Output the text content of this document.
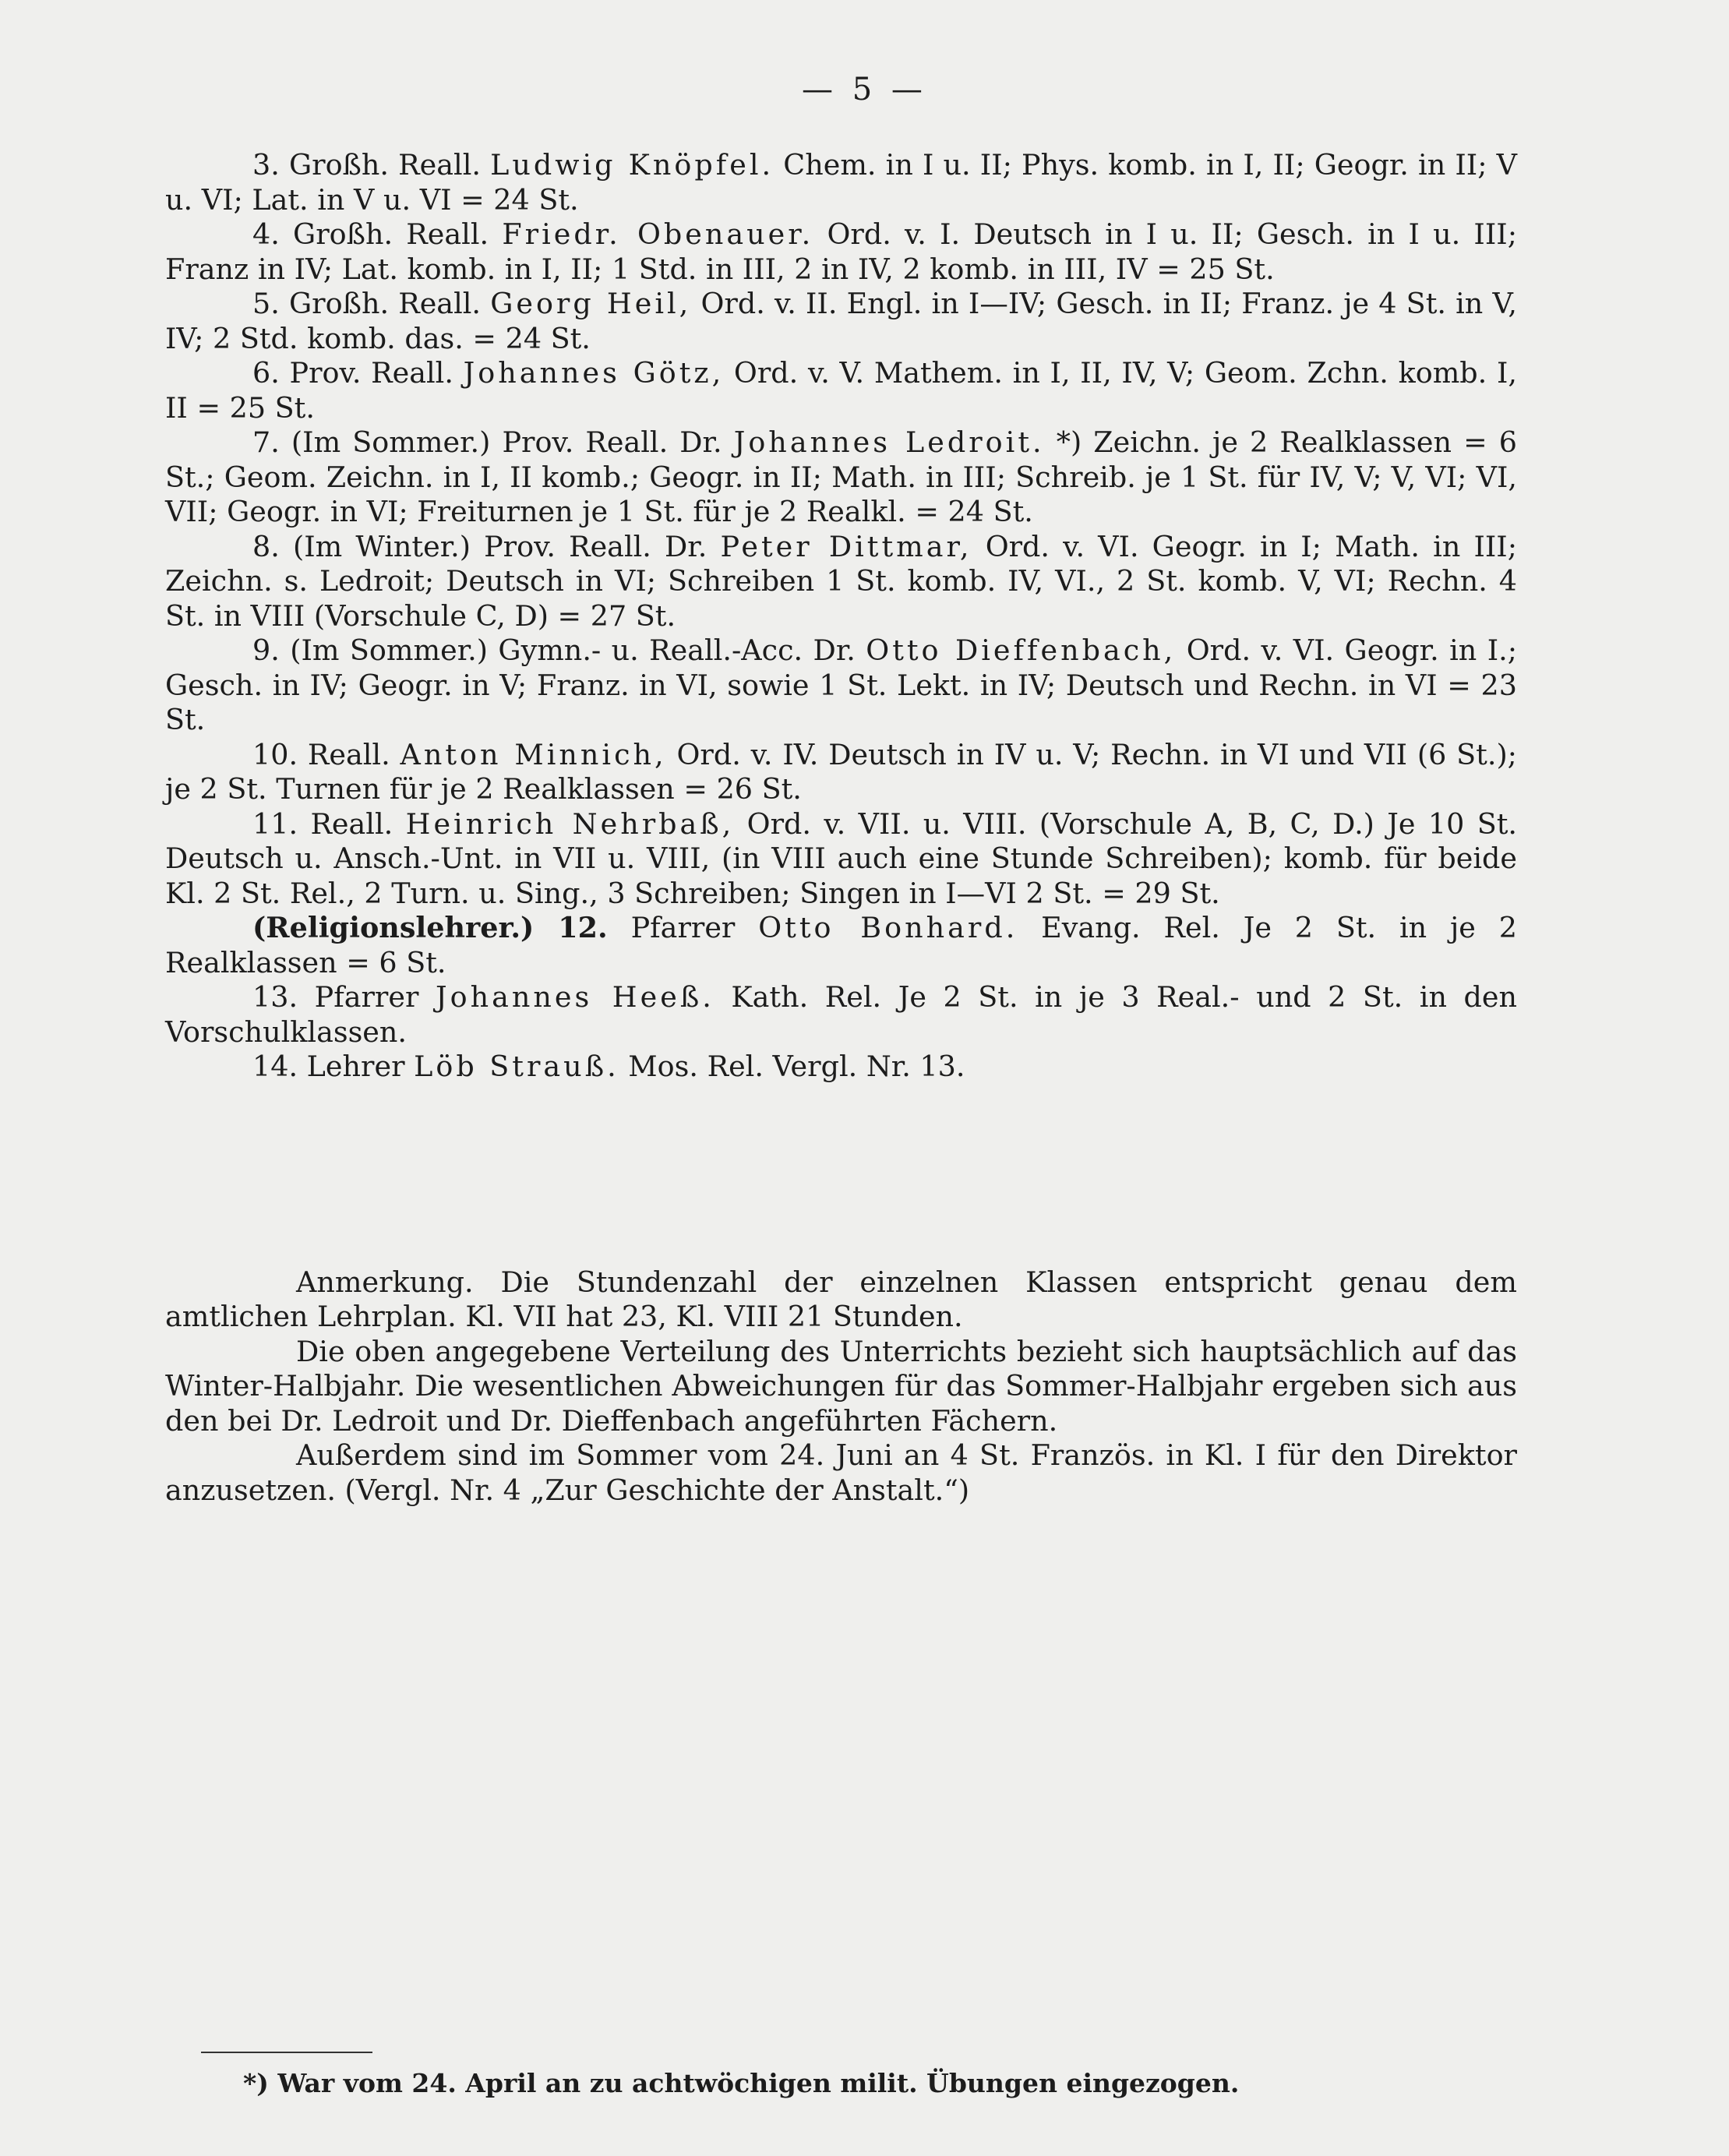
— 5 —

3. Großh. Reall. Ludwig Knöpfel. Chem. in I u. II; Phys. komb. in I, II; Geogr. in II; V u. VI; Lat. in V u. VI = 24 St.

4. Großh. Reall. Friedr. Obenauer. Ord. v. I. Deutsch in I u. II; Gesch. in I u. III; Franz in IV; Lat. komb. in I, II; 1 Std. in III, 2 in IV, 2 komb. in III, IV = 25 St.

5. Großh. Reall. Georg Heil, Ord. v. II. Engl. in I—IV; Gesch. in II; Franz. je 4 St. in V, IV; 2 Std. komb. das. = 24 St.

6. Prov. Reall. Johannes Götz, Ord. v. V. Mathem. in I, II, IV, V; Geom. Zchn. komb. I, II = 25 St.

7. (Im Sommer.) Prov. Reall. Dr. Johannes Ledroit. *) Zeichn. je 2 Realklassen = 6 St.; Geom. Zeichn. in I, II komb.; Geogr. in II; Math. in III; Schreib. je 1 St. für IV, V; V, VI; VI, VII; Geogr. in VI; Freiturnen je 1 St. für je 2 Realkl. = 24 St.

8. (Im Winter.) Prov. Reall. Dr. Peter Dittmar, Ord. v. VI. Geogr. in I; Math. in III; Zeichn. s. Ledroit; Deutsch in VI; Schreiben 1 St. komb. IV, VI., 2 St. komb. V, VI; Rechn. 4 St. in VIII (Vorschule C, D) = 27 St.

9. (Im Sommer.) Gymn.- u. Reall.-Acc. Dr. Otto Dieffenbach, Ord. v. VI. Geogr. in I.; Gesch. in IV; Geogr. in V; Franz. in VI, sowie 1 St. Lekt. in IV; Deutsch und Rechn. in VI = 23 St.

10. Reall. Anton Minnich, Ord. v. IV. Deutsch in IV u. V; Rechn. in VI und VII (6 St.); je 2 St. Turnen für je 2 Realklassen = 26 St.

11. Reall. Heinrich Nehrbaß, Ord. v. VII. u. VIII. (Vorschule A, B, C, D.) Je 10 St. Deutsch u. Ansch.-Unt. in VII u. VIII, (in VIII auch eine Stunde Schreiben); komb. für beide Kl. 2 St. Rel., 2 Turn. u. Sing., 3 Schreiben; Singen in I—VI 2 St. = 29 St.

(Religionslehrer.) 12. Pfarrer Otto Bonhard. Evang. Rel. Je 2 St. in je 2 Realklassen = 6 St.

13. Pfarrer Johannes Heeß. Kath. Rel. Je 2 St. in je 3 Real.- und 2 St. in den Vorschulklassen.

14. Lehrer Löb Strauß. Mos. Rel. Vergl. Nr. 13.

Anmerkung. Die Stundenzahl der einzelnen Klassen entspricht genau dem amtlichen Lehrplan. Kl. VII hat 23, Kl. VIII 21 Stunden.

Die oben angegebene Verteilung des Unterrichts bezieht sich hauptsächlich auf das Winter-Halbjahr. Die wesentlichen Abweichungen für das Sommer-Halbjahr ergeben sich aus den bei Dr. Ledroit und Dr. Dieffenbach angeführten Fächern.

Außerdem sind im Sommer vom 24. Juni an 4 St. Französ. in Kl. I für den Direktor anzusetzen. (Vergl. Nr. 4 „Zur Geschichte der Anstalt.“)

*) War vom 24. April an zu achtwöchigen milit. Übungen eingezogen.
